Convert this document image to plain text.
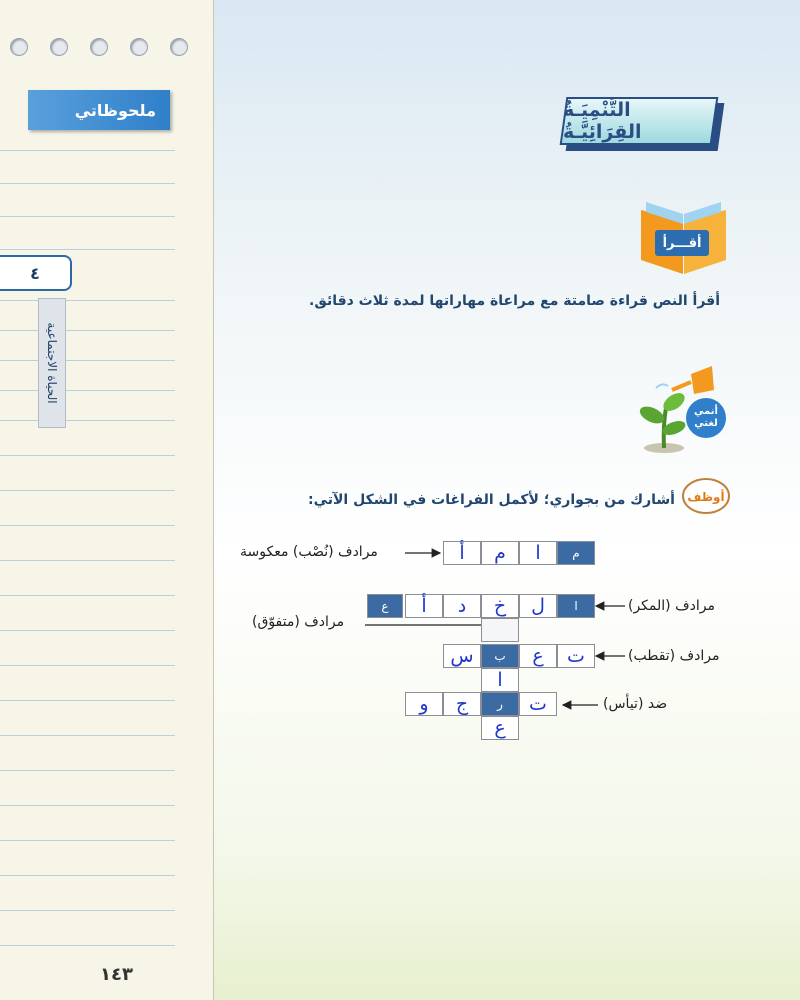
ملحوظاتي
٤
الحياة الاجتماعية
١٤٣
التَّنْمِيَـةُ القِرَائِيَّـةُ
أقـــرأ
أقرأ النص قراءة صامتة مع مراعاة مهاراتها لمدة ثلاث دقائق.
أنمي
لغتي
أوظف
أشارك من بجواري؛ لأكمل الفراغات في الشكل الآتي:
م
ا
م
أ
ا
ل
خ
د
أ
ع
ت
ع
ب
س
ا
ت
ر
ج
و
ع
مرادف (نُصْب) معكوسة
مرادف (المكر)
مرادف (متفوّق)
مرادف (تقطب)
ضد (تيأس)
